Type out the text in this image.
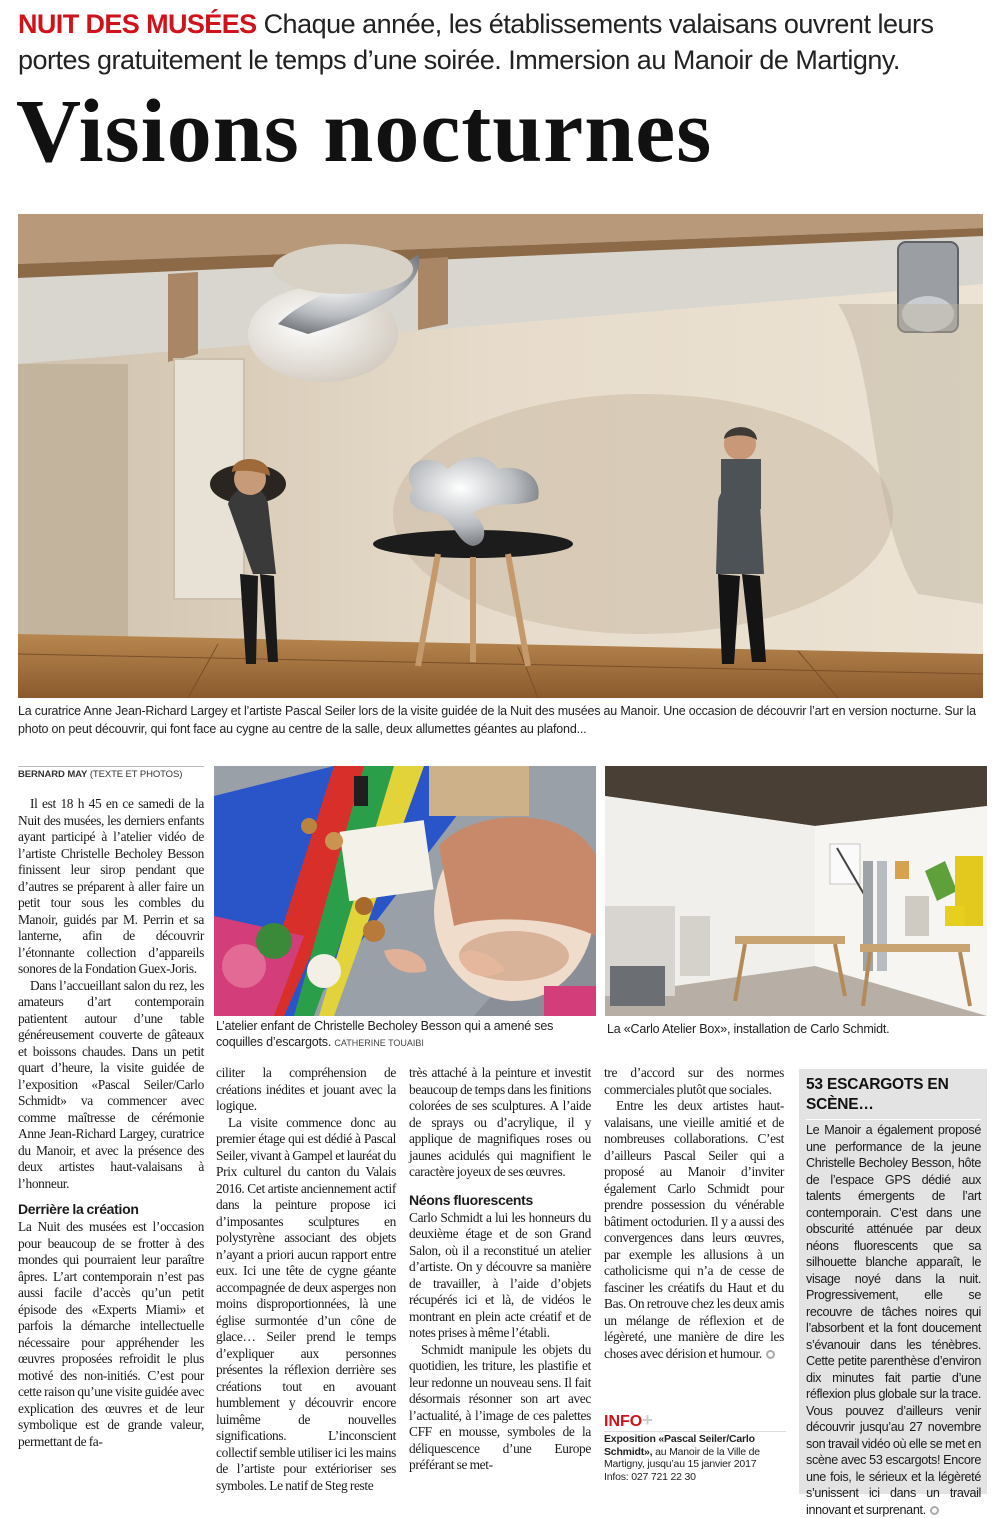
NUIT DES MUSÉES Chaque année, les établissements valaisans ouvrent leurs portes gratuitement le temps d’une soirée. Immersion au Manoir de Martigny.
Visions nocturnes

La curatrice Anne Jean-Richard Largey et l’artiste Pascal Seiler lors de la visite guidée de la Nuit des musées au Manoir. Une occasion de découvrir l’art en version nocturne. Sur la photo on peut découvrir, qui font face au cygne au centre de la salle, deux allumettes géantes au plafond...

BERNARD MAY (TEXTE ET PHOTOS)

L’atelier enfant de Christelle Becholey Besson qui a amené ses coquilles d’escargots. CATHERINE TOUAIBI

La «Carlo Atelier Box», installation de Carlo Schmidt.

Il est 18 h 45 en ce samedi de la Nuit des musées, les derniers enfants ayant participé à l’atelier vidéo de l’artiste Christelle Becholey Besson finissent leur sirop pendant que d’autres se préparent à aller faire un petit tour sous les combles du Manoir, guidés par M. Perrin et sa lanterne, afin de découvrir l’étonnante collection d’appareils sonores de la Fondation Guex-Joris.

Dans l’accueillant salon du rez, les amateurs d’art contemporain patientent autour d’une table généreusement couverte de gâteaux et boissons chaudes. Dans un petit quart d’heure, la visite guidée de l’exposition «Pascal Seiler/Carlo Schmidt» va commencer avec comme maîtresse de cérémonie Anne Jean-Richard Largey, curatrice du Manoir, et avec la présence des deux artistes haut-valaisans à l’honneur.

Derrière la création

La Nuit des musées est l’occasion pour beaucoup de se frotter à des mondes qui pourraient leur paraître âpres. L’art contemporain n’est pas aussi facile d’accès qu’un petit épisode des «Experts Miami» et parfois la démarche intellectuelle nécessaire pour appréhender les œuvres proposées refroidit le plus motivé des non-initiés. C’est pour cette raison qu’une visite guidée avec explication des œuvres et de leur symbolique est de grande valeur, permettant de fa-

ciliter la compréhension de créations inédites et jouant avec la logique.

La visite commence donc au premier étage qui est dédié à Pascal Seiler, vivant à Gampel et lauréat du Prix culturel du canton du Valais 2016. Cet artiste anciennement actif dans la peinture propose ici d’imposantes sculptures en polystyrène associant des objets n’ayant a priori aucun rapport entre eux. Ici une tête de cygne géante accompagnée de deux asperges non moins disproportionnées, là une église surmontée d’un cône de glace… Seiler prend le temps d’expliquer aux personnes présentes la réflexion derrière ses créations tout en avouant humblement y découvrir encore luimême de nouvelles significations. L’inconscient collectif semble utiliser ici les mains de l’artiste pour extérioriser ses symboles. Le natif de Steg reste

très attaché à la peinture et investit beaucoup de temps dans les finitions colorées de ses sculptures. A l’aide de sprays ou d’acrylique, il y applique de magnifiques roses ou jaunes acidulés qui magnifient le caractère joyeux de ses œuvres.

Néons fluorescents

Carlo Schmidt a lui les honneurs du deuxième étage et de son Grand Salon, où il a reconstitué un atelier d’artiste. On y découvre sa manière de travailler, à l’aide d’objets récupérés ici et là, de vidéos le montrant en plein acte créatif et de notes prises à même l’établi.

Schmidt manipule les objets du quotidien, les triture, les plastifie et leur redonne un nouveau sens. Il fait désormais résonner son art avec l’actualité, à l’image de ces palettes CFF en mousse, symboles de la déliquescence d’une Europe préférant se met-

tre d’accord sur des normes commerciales plutôt que sociales.

Entre les deux artistes haut-valaisans, une vieille amitié et de nombreuses collaborations. C’est d’ailleurs Pascal Seiler qui a proposé au Manoir d’inviter également Carlo Schmidt pour prendre possession du vénérable bâtiment octodurien. Il y a aussi des convergences dans leurs œuvres, par exemple les allusions à un catholicisme qui n’a de cesse de fasciner les créatifs du Haut et du Bas. On retrouve chez les deux amis un mélange de réflexion et de légèreté, une manière de dire les choses avec dérision et humour.

INFO+
Exposition «Pascal Seiler/Carlo Schmidt», au Manoir de la Ville de Martigny, jusqu’au 15 janvier 2017
Infos: 027 721 22 30
53 ESCARGOTS EN SCÈNE…
Le Manoir a également proposé une performance de la jeune Christelle Becholey Besson, hôte de l’espace GPS dédié aux talents émergents de l’art contemporain. C’est dans une obscurité atténuée par deux néons fluorescents que sa silhouette blanche apparaît, le visage noyé dans la nuit. Progressivement, elle se recouvre de tâches noires qui l’absorbent et la font doucement s’évanouir dans les ténèbres. Cette petite parenthèse d’environ dix minutes fait partie d’une réflexion plus globale sur la trace. Vous pouvez d’ailleurs venir découvrir jusqu’au 27 novembre son travail vidéo où elle se met en scène avec 53 escargots! Encore une fois, le sérieux et la légèreté s’unissent ici dans un travail innovant et surprenant.
